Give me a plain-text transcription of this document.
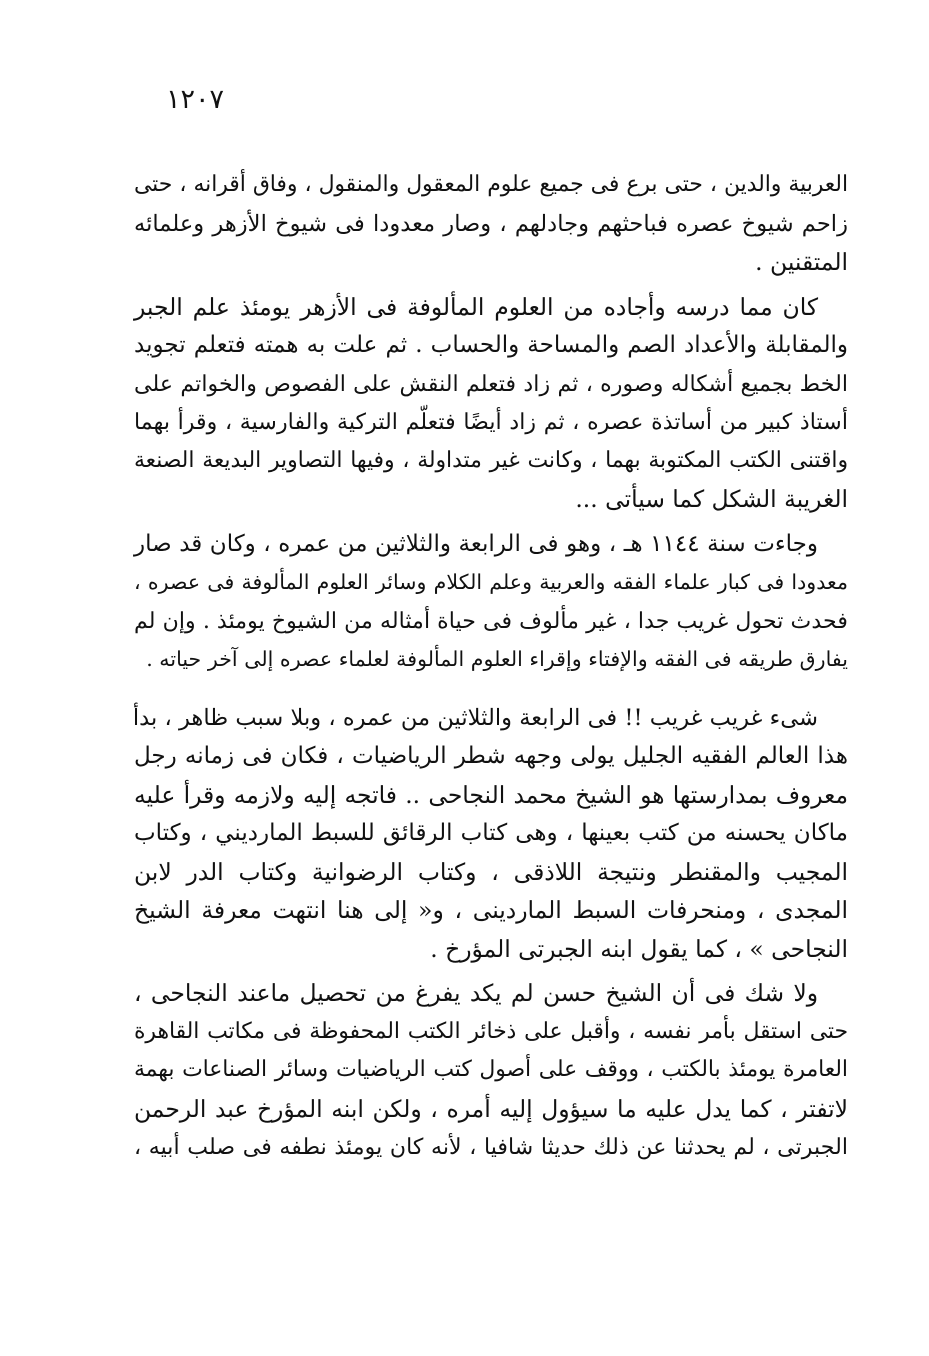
١٢٠٧
العربية والدين ، حتى برع فى جميع علوم المعقول والمنقول ، وفاق أقرانه ، حتى
زاحم شيوخ عصره فباحثهم وجادلهم ، وصار معدودا فى شيوخ الأزهر وعلمائه
المتقنين .
كان مما درسه وأجاده من العلوم المألوفة فى الأزهر يومئذ علم الجبر
والمقابلة والأعداد الصم والمساحة والحساب . ثم علت به همته فتعلم تجويد
الخط بجميع أشكاله وصوره ، ثم زاد فتعلم النقش على الفصوص والخواتم على
أستاذ كبير من أساتذة عصره ، ثم زاد أيضًا فتعلّم التركية والفارسية ، وقرأ بهما
واقتنى الكتب المكتوبة بهما ، وكانت غير متداولة ، وفيها التصاوير البديعة الصنعة
الغريبة الشكل كما سيأتى ...
وجاءت سنة ١١٤٤ هـ ، وهو فى الرابعة والثلاثين من عمره ، وكان قد صار
معدودا فى كبار علماء الفقه والعربية وعلم الكلام وسائر العلوم المألوفة فى عصره ،
فحدث تحول غريب جدا ، غير مألوف فى حياة أمثاله من الشيوخ يومئذ . وإن لم
يفارق طريقه فى الفقه والإفتاء وإقراء العلوم المألوفة لعلماء عصره إلى آخر حياته .
شىء غريب غريب !! فى الرابعة والثلاثين من عمره ، وبلا سبب ظاهر ، بدأ
هذا العالم الفقيه الجليل يولى وجهه شطر الرياضيات ، فكان فى زمانه رجل
معروف بمدارستها هو الشيخ محمد النجاحى .. فاتجه إليه ولازمه وقرأ عليه
ماكان يحسنه من كتب بعينها ، وهى كتاب الرقائق للسبط المارديني ، وكتاب
المجيب والمقنطر ونتيجة اللاذقى ، وكتاب الرضوانية وكتاب الدر لابن
المجدى ، ومنحرفات السبط الماردينى ، و« إلى هنا انتهت معرفة الشيخ
النجاحى » ، كما يقول ابنه الجبرتى المؤرخ .
ولا شك فى أن الشيخ حسن لم يكد يفرغ من تحصيل ماعند النجاحى ،
حتى استقل بأمر نفسه ، وأقبل على ذخائر الكتب المحفوظة فى مكاتب القاهرة
العامرة يومئذ بالكتب ، ووقف على أصول كتب الرياضيات وسائر الصناعات بهمة
لاتفتر ، كما يدل عليه ما سيؤول إليه أمره ، ولكن ابنه المؤرخ عبد الرحمن
الجبرتى ، لم يحدثنا عن ذلك حديثا شافيا ، لأنه كان يومئذ نطفه فى صلب أبيه ،
